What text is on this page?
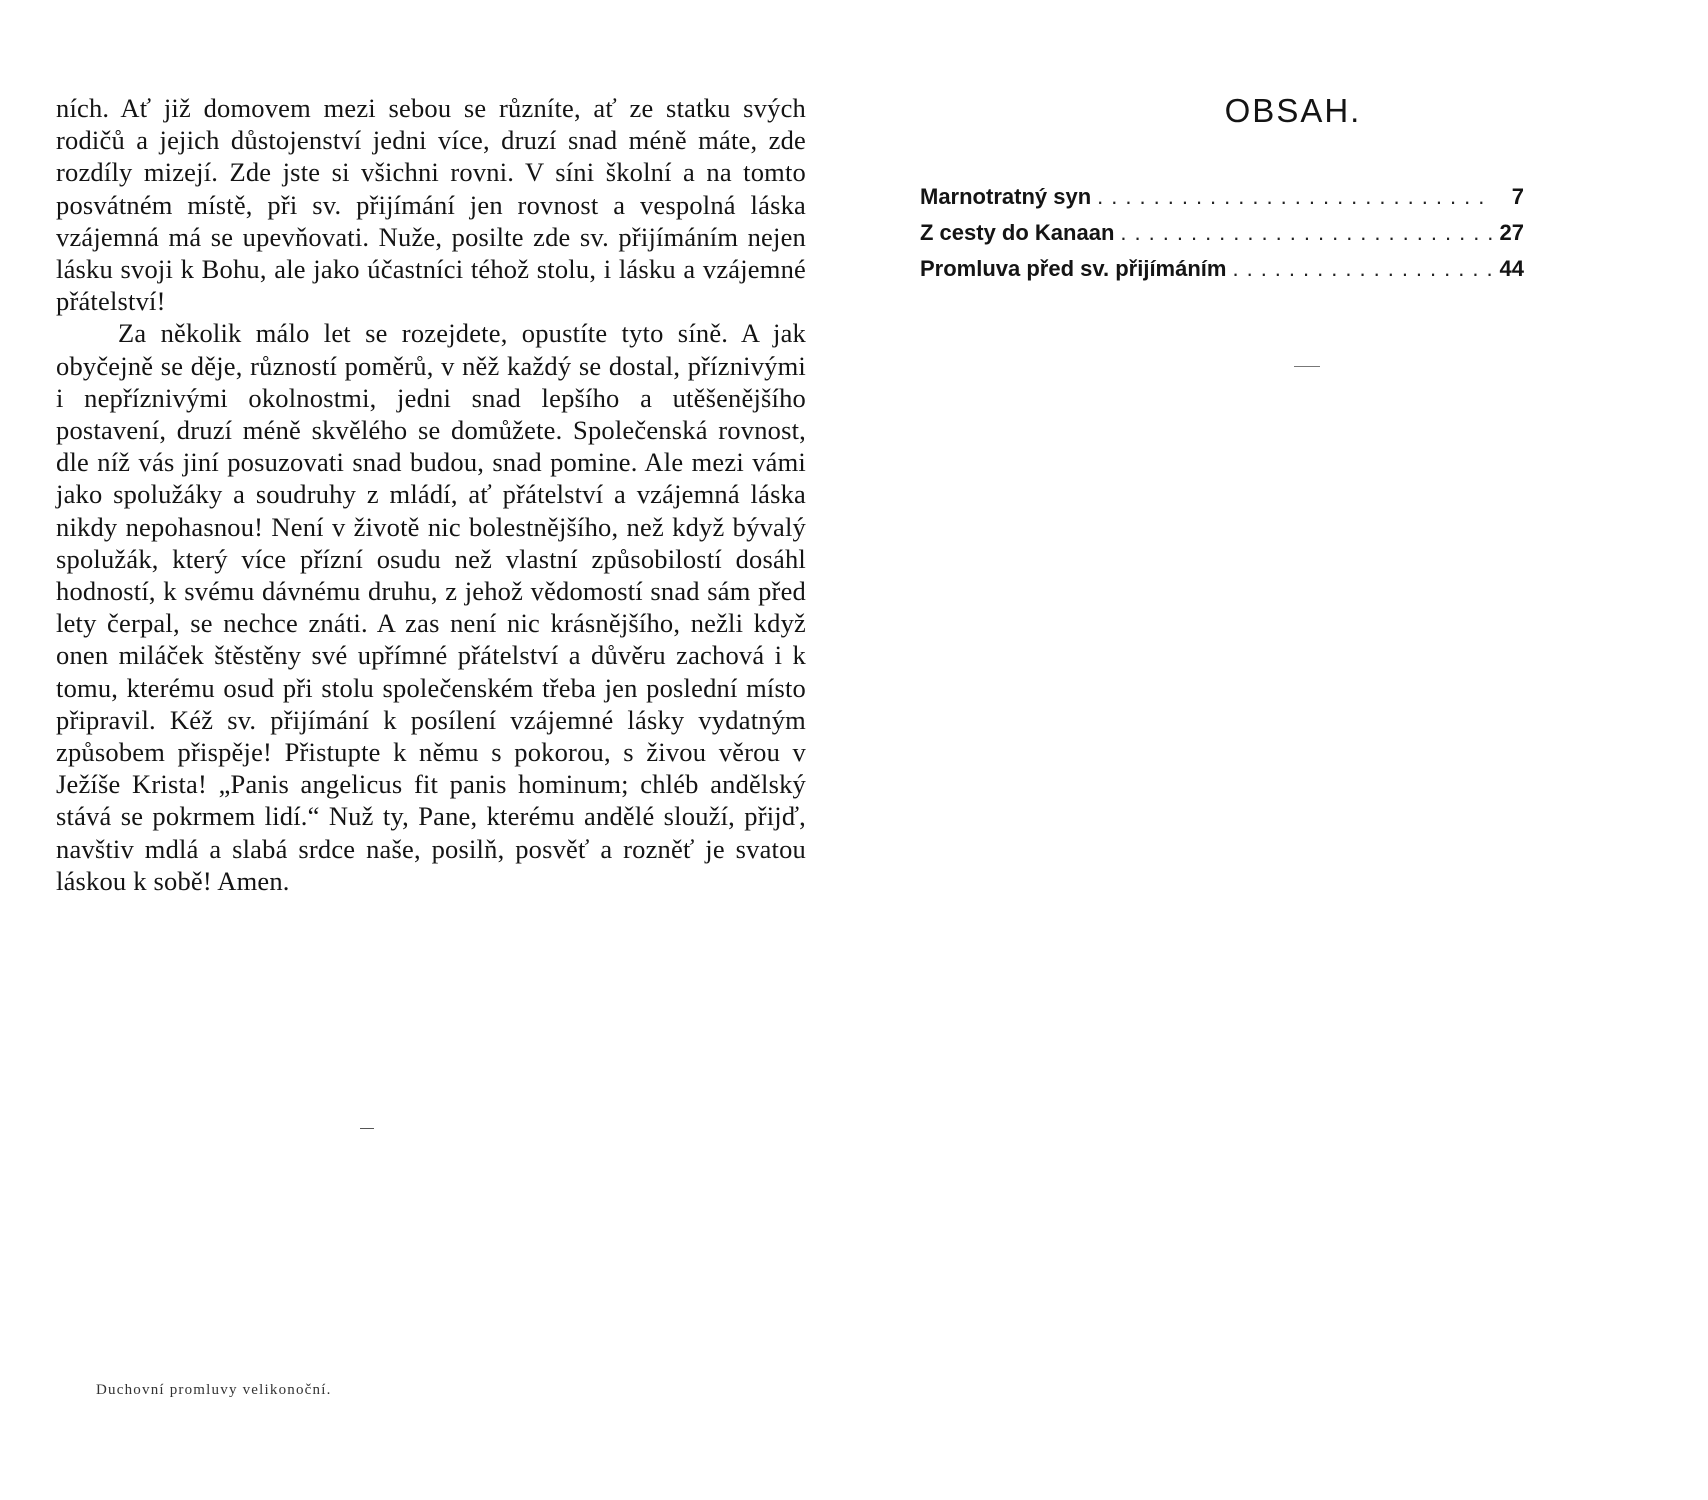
ních. Ať již domovem mezi sebou se různíte, ať ze statku svých rodičů a jejich důstojenství jedni více, druzí snad méně máte, zde rozdíly mizejí. Zde jste si všichni rovni. V síni školní a na tomto posvátném místě, při sv. přijímání jen rovnost a vespolná láska vzájemná má se upevňovati. Nuže, posilte zde sv. přijímáním nejen lásku svoji k Bohu, ale jako účastníci téhož stolu, i lásku a vzájemné přátelství!

Za několik málo let se rozejdete, opustíte tyto síně. A jak obyčejně se děje, růzností poměrů, v něž každý se dostal, příznivými i nepříznivými okolnostmi, jedni snad lepšího a utěšenějšího postavení, druzí méně skvělého se domůžete. Společenská rovnost, dle níž vás jiní posuzovati snad budou, snad pomine. Ale mezi vámi jako spolužáky a soudruhy z mládí, ať přátelství a vzájemná láska nikdy nepohasnou! Není v životě nic bolestnějšího, než když bývalý spolužák, který více přízní osudu než vlastní způsobilostí dosáhl hodností, k svému dávnému druhu, z jehož vědomostí snad sám před lety čerpal, se nechce znáti. A zas není nic krásnějšího, nežli když onen miláček štěstěny své upřímné přátelství a důvěru zachová i k tomu, kterému osud při stolu společenském třeba jen poslední místo připravil. Kéž sv. přijímání k posílení vzájemné lásky vydatným způsobem přispěje! Přistupte k němu s pokorou, s živou věrou v Ježíše Krista! „Panis angelicus fit panis hominum; chléb andělský stává se pokrmem lidí.“ Nuž ty, Pane, kterému andělé slouží, přijď, navštiv mdlá a slabá srdce naše, posilň, posvěť a rozněť je svatou láskou k sobě! Amen.

Duchovní promluvy velikonoční.
OBSAH.
Marnotratný syn .....	7
Z cesty do Kanaan .....	27
Promluva před sv. přijímáním .....	44
